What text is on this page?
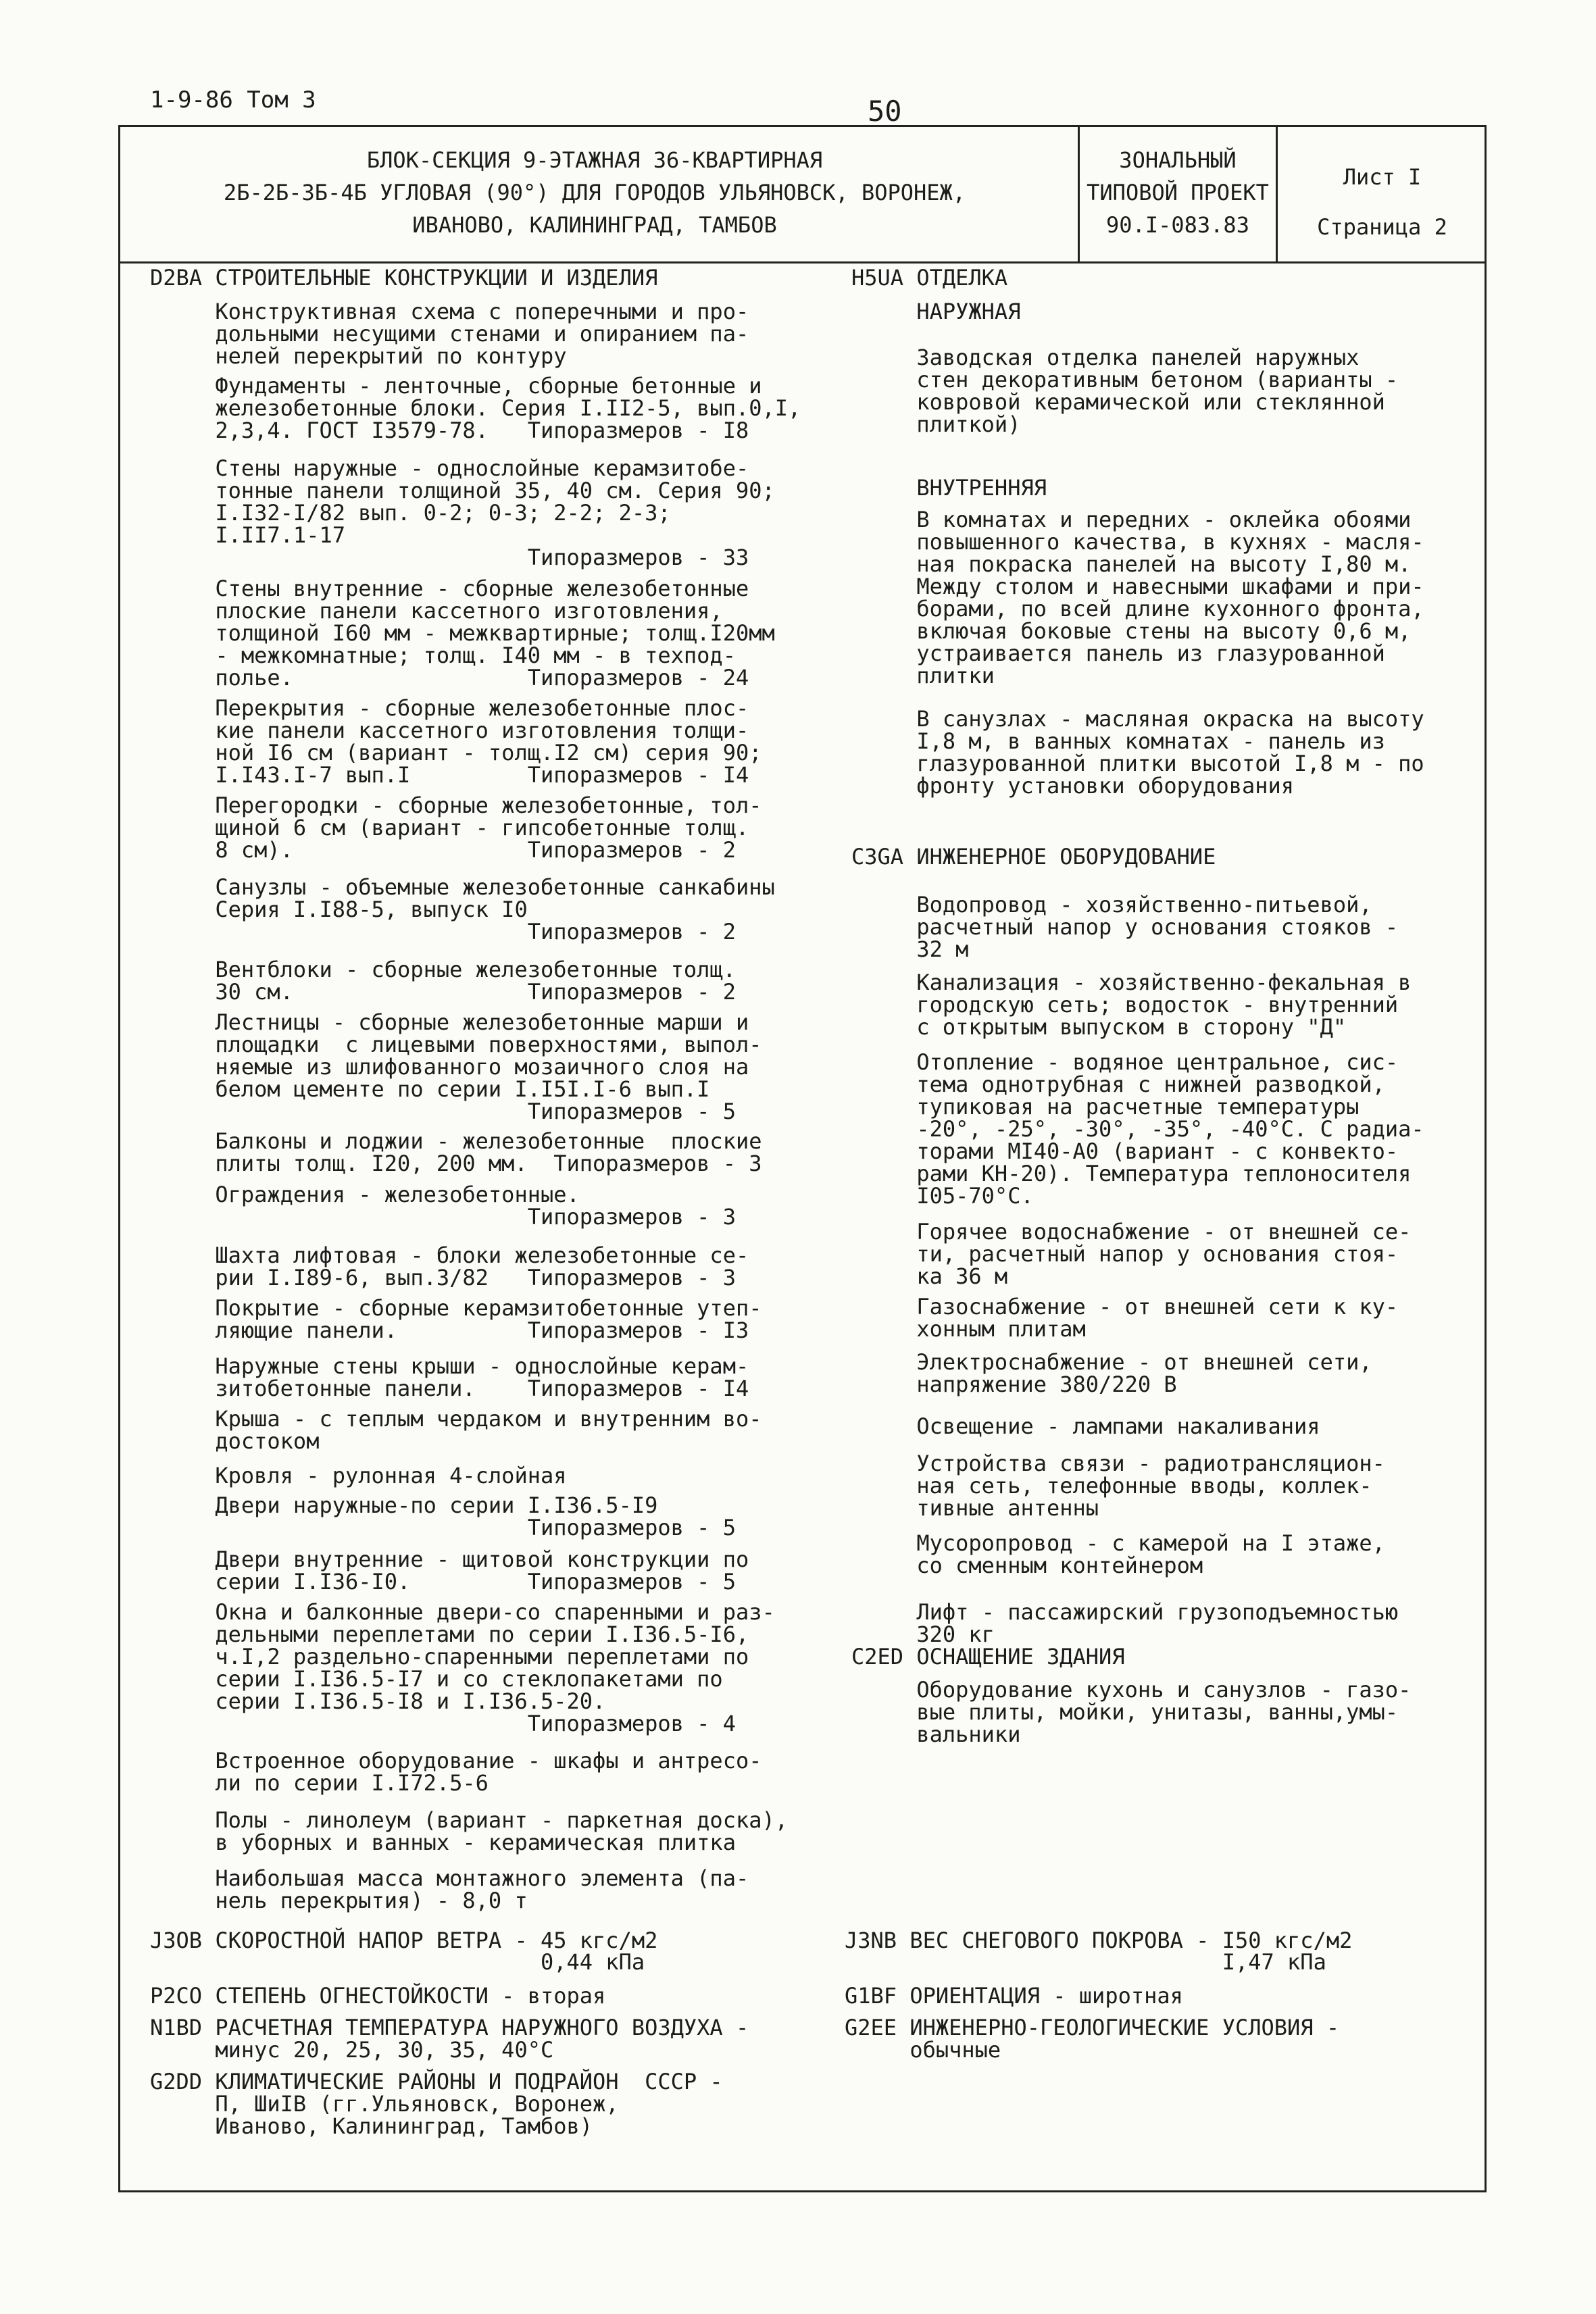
1-9-86 Том 3	50
БЛОК-СЕКЦИЯ 9-ЭТАЖНАЯ 36-КВАРТИРНАЯ
2Б-2Б-3Б-4Б УГЛОВАЯ (90°) ДЛЯ ГОРОДОВ УЛЬЯНОВСК, ВОРОНЕЖ,
ИВАНОВО, КАЛИНИНГРАД, ТАМБОВ
ЗОНАЛЬНЫЙ
ТИПОВОЙ ПРОЕКТ
90.I-083.83
Лист I
Страница 2
D2BA СТРОИТЕЛЬНЫЕ КОНСТРУКЦИИ И ИЗДЕЛИЯ
Конструктивная схема с поперечными и про-
дольными несущими стенами и опиранием па-
нелей перекрытий по контуру
Фундаменты - ленточные, сборные бетонные и
железобетонные блоки. Серия I.II2-5, вып.0,I,
2,3,4. ГОСТ I3579-78.   Типоразмеров - I8
Стены наружные - однослойные керамзитобе-
тонные панели толщиной 35, 40 см. Серия 90;
I.I32-I/82 вып. 0-2; 0-3; 2-2; 2-3;
I.II7.1-17
Типоразмеров - 33
Стены внутренние - сборные железобетонные
плоские панели кассетного изготовления,
толщиной I60 мм - межквартирные; толщ.I20мм
- межкомнатные; толщ. I40 мм - в техпод-
полье.                  Типоразмеров - 24
Перекрытия - сборные железобетонные плос-
кие панели кассетного изготовления толщи-
ной I6 см (вариант - толщ.I2 см) серия 90;
I.I43.I-7 вып.I         Типоразмеров - I4
Перегородки - сборные железобетонные, тол-
щиной 6 см (вариант - гипсобетонные толщ.
8 см).                  Типоразмеров - 2
Санузлы - объемные железобетонные санкабины
Серия I.I88-5, выпуск I0
Типоразмеров - 2
Вентблоки - сборные железобетонные толщ.
30 см.                  Типоразмеров - 2
Лестницы - сборные железобетонные марши и
площадки  с лицевыми поверхностями, выпол-
няемые из шлифованного мозаичного слоя на
белом цементе по серии I.I5I.I-6 вып.I
Типоразмеров - 5
Балконы и лоджии - железобетонные  плоские
плиты толщ. I20, 200 мм.  Типоразмеров - 3
Ограждения - железобетонные.
Типоразмеров - 3
Шахта лифтовая - блоки железобетонные се-
рии I.I89-6, вып.3/82   Типоразмеров - 3
Покрытие - сборные керамзитобетонные утеп-
ляющие панели.          Типоразмеров - I3
Наружные стены крыши - однослойные керам-
зитобетонные панели.    Типоразмеров - I4
Крыша - с теплым чердаком и внутренним во-
достоком
Кровля - рулонная 4-слойная
Двери наружные-по серии I.I36.5-I9
Типоразмеров - 5
Двери внутренние - щитовой конструкции по
серии I.I36-I0.         Типоразмеров - 5
Окна и балконные двери-со спаренными и раз-
дельными переплетами по серии I.I36.5-I6,
ч.I,2 раздельно-спаренными переплетами по
серии I.I36.5-I7 и со стеклопакетами по
серии I.I36.5-I8 и I.I36.5-20.
Типоразмеров - 4
Встроенное оборудование - шкафы и антресо-
ли по серии I.I72.5-6
Полы - линолеум (вариант - паркетная доска),
в уборных и ванных - керамическая плитка
Наибольшая масса монтажного элемента (па-
нель перекрытия) - 8,0 т
H5UA ОТДЕЛКА
НАРУЖНАЯ
Заводская отделка панелей наружных
стен декоративным бетоном (варианты -
ковровой керамической или стеклянной
плиткой)
ВНУТРЕННЯЯ
В комнатах и передних - оклейка обоями
повышенного качества, в кухнях - масля-
ная покраска панелей на высоту I,80 м.
Между столом и навесными шкафами и при-
борами, по всей длине кухонного фронта,
включая боковые стены на высоту 0,6 м,
устраивается панель из глазурованной
плитки
В санузлах - масляная окраска на высоту
I,8 м, в ванных комнатах - панель из
глазурованной плитки высотой I,8 м - по
фронту установки оборудования
C3GA ИНЖЕНЕРНОЕ ОБОРУДОВАНИЕ
Водопровод - хозяйственно-питьевой,
расчетный напор у основания стояков -
32 м
Канализация - хозяйственно-фекальная в
городскую сеть; водосток - внутренний
с открытым выпуском в сторону "Д"
Отопление - водяное центральное, сис-
тема однотрубная с нижней разводкой,
тупиковая на расчетные температуры
-20°, -25°, -30°, -35°, -40°С. С радиа-
торами МI40-А0 (вариант - с конвекто-
рами КН-20). Температура теплоносителя
I05-70°С.
Горячее водоснабжение - от внешней се-
ти, расчетный напор у основания стоя-
ка 36 м
Газоснабжение - от внешней сети к ку-
хонным плитам
Электроснабжение - от внешней сети,
напряжение 380/220 В
Освещение - лампами накаливания
Устройства связи - радиотрансляцион-
ная сеть, телефонные вводы, коллек-
тивные антенны
Мусоропровод - с камерой на I этаже,
со сменным контейнером
Лифт - пассажирский грузоподъемностью
320 кг
C2ED ОСНАЩЕНИЕ ЗДАНИЯ
Оборудование кухонь и санузлов - газо-
вые плиты, мойки, унитазы, ванны,умы-
вальники
J3OB СКОРОСТНОЙ НАПОР ВЕТРА - 45 кгс/м2
0,44 кПа
P2CO СТЕПЕНЬ ОГНЕСТОЙКОСТИ - вторая
N1BD РАСЧЕТНАЯ ТЕМПЕРАТУРА НАРУЖНОГО ВОЗДУХА -
минус 20, 25, 30, 35, 40°С
G2DD КЛИМАТИЧЕСКИЕ РАЙОНЫ И ПОДРАЙОН  СССР -
П, ШиIВ (гг.Ульяновск, Воронеж,
Иваново, Калининград, Тамбов)
J3NB ВЕС СНЕГОВОГО ПОКРОВА - I50 кгс/м2
I,47 кПа
G1BF ОРИЕНТАЦИЯ - широтная
G2EE ИНЖЕНЕРНО-ГЕОЛОГИЧЕСКИЕ УСЛОВИЯ -
обычные
